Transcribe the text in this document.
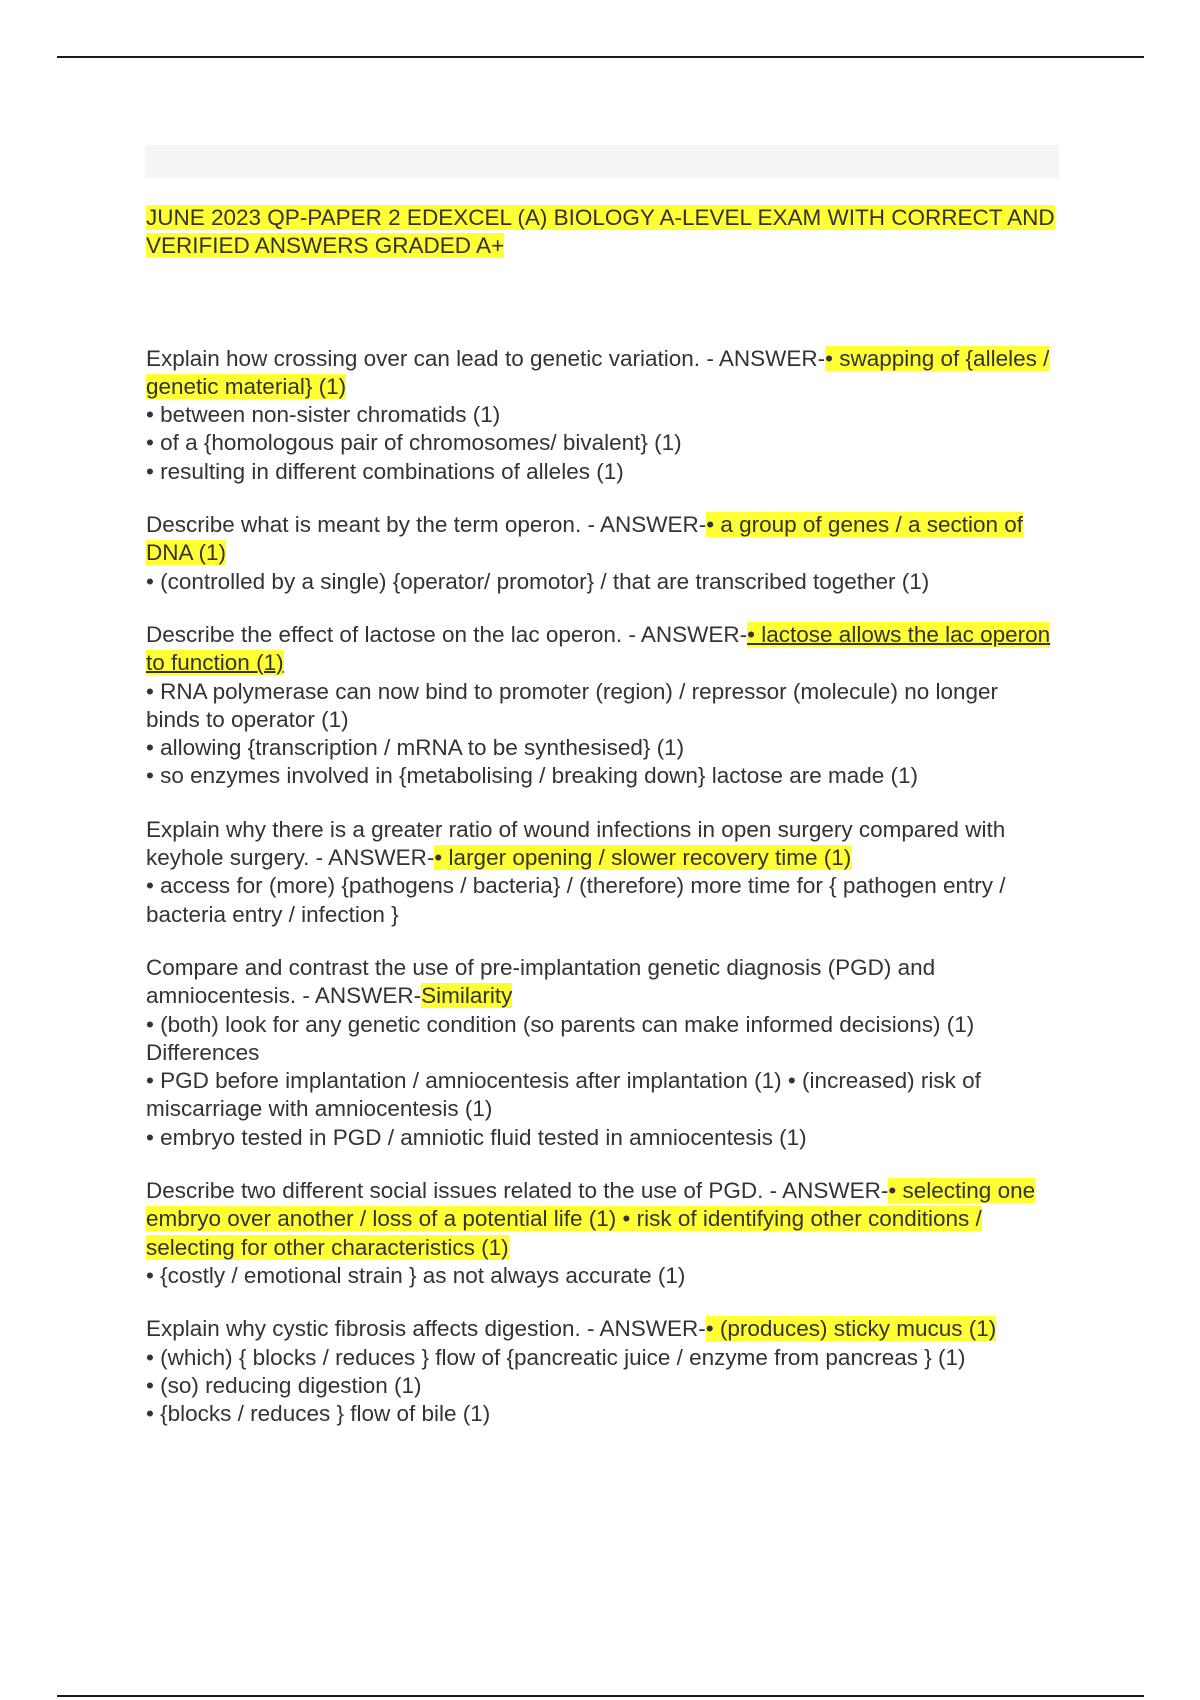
JUNE 2023 QP-PAPER 2 EDEXCEL (A) BIOLOGY A-LEVEL EXAM WITH CORRECT AND VERIFIED ANSWERS GRADED A+

Explain how crossing over can lead to genetic variation. - ANSWER-• swapping of {alleles / genetic material} (1)

• between non-sister chromatids (1)

• of a {homologous pair of chromosomes/ bivalent} (1)

• resulting in different combinations of alleles (1)

Describe what is meant by the term operon. - ANSWER-• a group of genes / a section of DNA (1)

• (controlled by a single) {operator/ promotor} / that are transcribed together (1)

Describe the effect of lactose on the lac operon. - ANSWER-• lactose allows the lac operon to function (1)

• RNA polymerase can now bind to promoter (region) / repressor (molecule) no longer binds to operator (1)

• allowing {transcription / mRNA to be synthesised} (1)

• so enzymes involved in {metabolising / breaking down} lactose are made (1)

Explain why there is a greater ratio of wound infections in open surgery compared with keyhole surgery. - ANSWER-• larger opening / slower recovery time (1)

• access for (more) {pathogens / bacteria} / (therefore) more time for { pathogen entry / bacteria entry / infection }

Compare and contrast the use of pre-implantation genetic diagnosis (PGD) and amniocentesis. - ANSWER-Similarity

• (both) look for any genetic condition (so parents can make informed decisions) (1)

Differences

• PGD before implantation / amniocentesis after implantation (1) • (increased) risk of miscarriage with amniocentesis (1)

• embryo tested in PGD / amniotic fluid tested in amniocentesis (1)

Describe two different social issues related to the use of PGD. - ANSWER-• selecting one embryo over another / loss of a potential life (1) • risk of identifying other conditions / selecting for other characteristics (1)

• {costly / emotional strain } as not always accurate (1)

Explain why cystic fibrosis affects digestion. - ANSWER-• (produces) sticky mucus (1)

• (which) { blocks / reduces } flow of {pancreatic juice / enzyme from pancreas } (1)

• (so) reducing digestion (1)

• {blocks / reduces } flow of bile (1)
